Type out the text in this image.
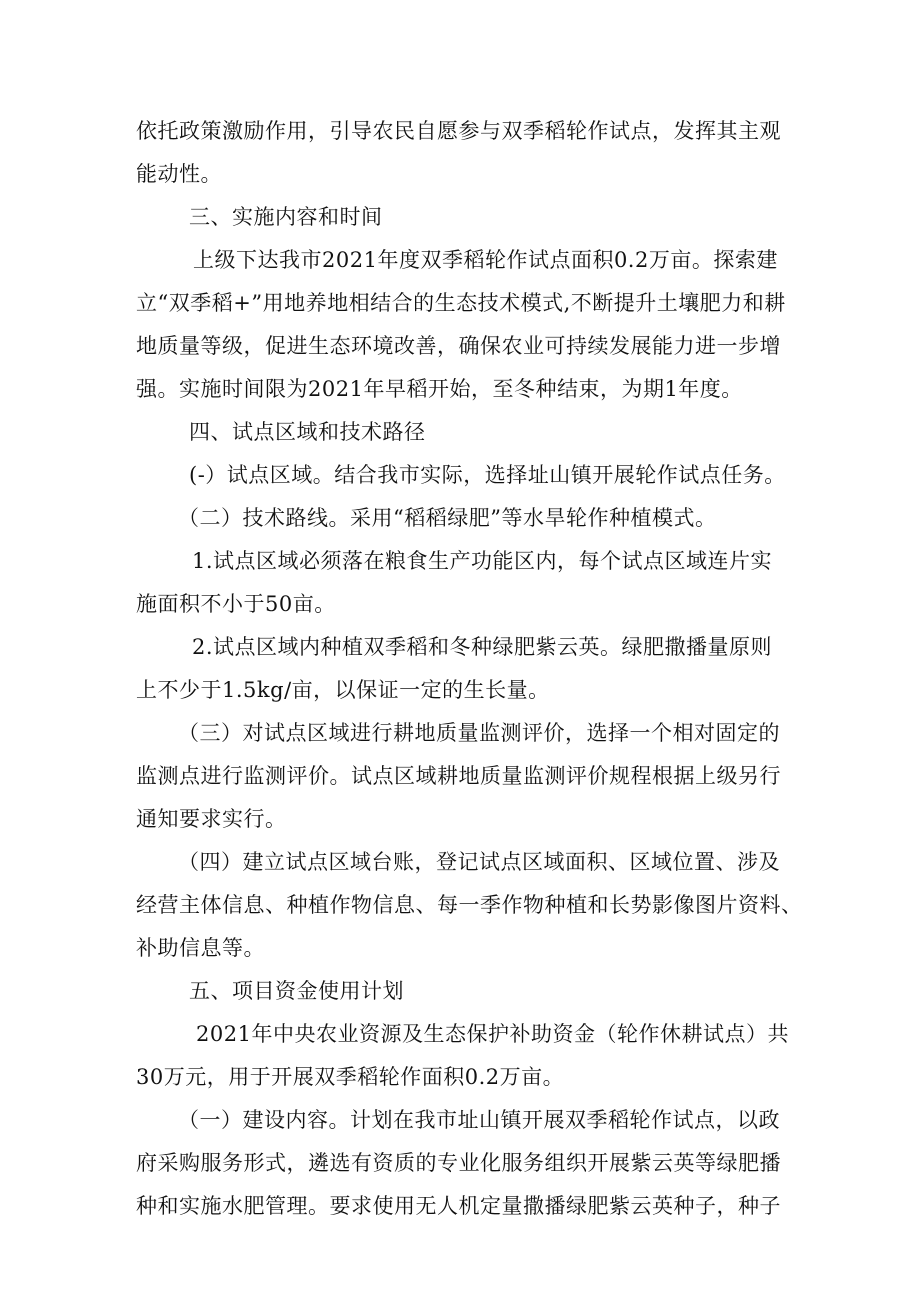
依托政策激励作用，引导农民自愿参与双季稻轮作试点，发挥其主观
能动性。
三、实施内容和时间
上级下达我市2021年度双季稻轮作试点面积0.2万亩。探索建
立“双季稻+”用地养地相结合的生态技术模式,不断提升土壤肥力和耕
地质量等级，促进生态环境改善，确保农业可持续发展能力进一步增
强。实施时间限为2021年早稻开始，至冬种结束，为期1年度。
四、试点区域和技术路径
(-）试点区域。结合我市实际，选择址山镇开展轮作试点任务。
（二）技术路线。采用“稻稻绿肥”等水旱轮作种植模式。
1.试点区域必须落在粮食生产功能区内，每个试点区域连片实
施面积不小于50亩。
2.试点区域内种植双季稻和冬种绿肥紫云英。绿肥撒播量原则
上不少于1.5kg∕亩，以保证一定的生长量。
（三）对试点区域进行耕地质量监测评价，选择一个相对固定的
监测点进行监测评价。试点区域耕地质量监测评价规程根据上级另行
通知要求实行。
（四）建立试点区域台账，登记试点区域面积、区域位置、涉及
经营主体信息、种植作物信息、每一季作物种植和长势影像图片资料、
补助信息等。
五、项目资金使用计划
2021年中央农业资源及生态保护补助资金（轮作休耕试点）共
30万元，用于开展双季稻轮作面积0.2万亩。
（一）建设内容。计划在我市址山镇开展双季稻轮作试点，以政
府采购服务形式，遴选有资质的专业化服务组织开展紫云英等绿肥播
种和实施水肥管理。要求使用无人机定量撒播绿肥紫云英种子，种子
